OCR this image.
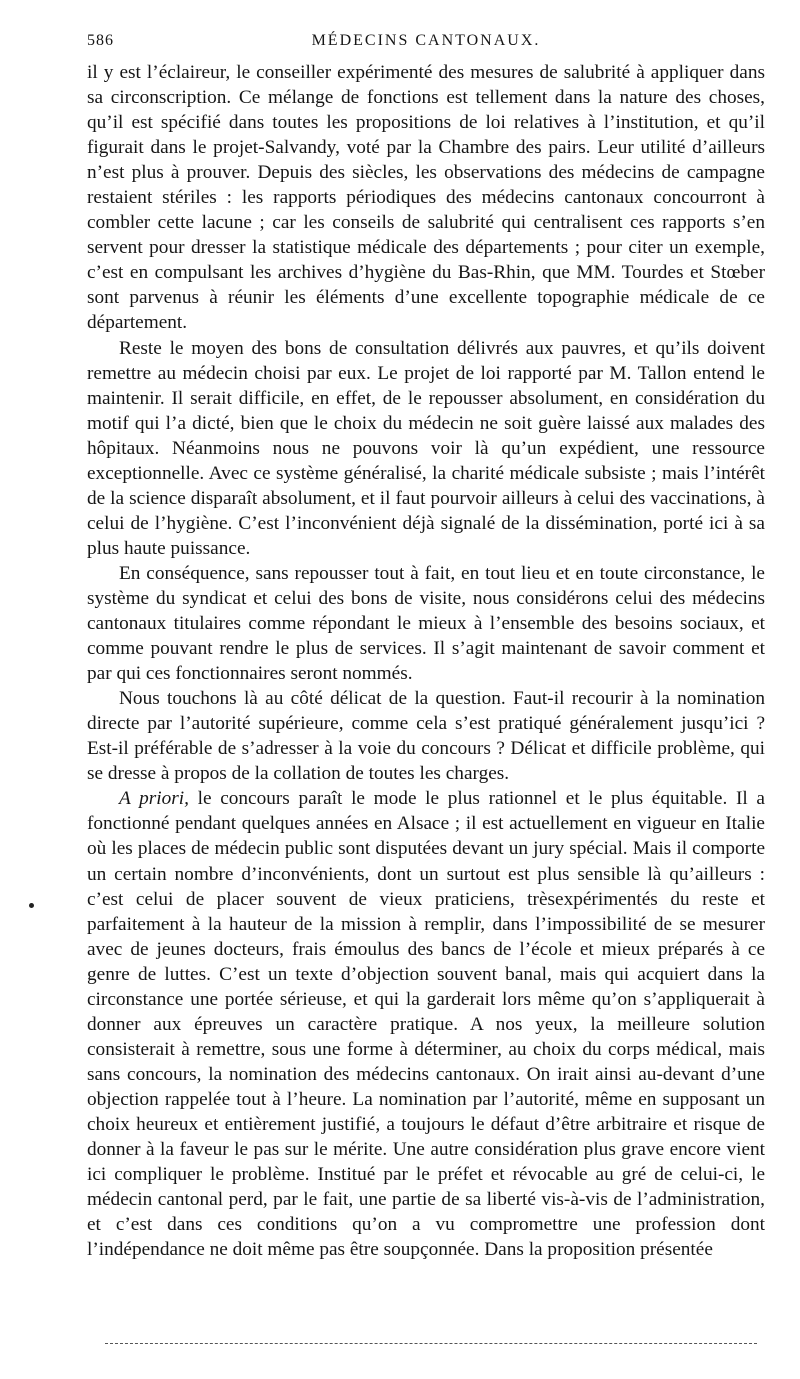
586	MÉDECINS CANTONAUX.

il y est l’éclaireur, le conseiller expérimenté des mesures de salubrité à appliquer dans sa circonscription. Ce mélange de fonctions est tellement dans la nature des choses, qu’il est spécifié dans toutes les propositions de loi relatives à l’institution, et qu’il figurait dans le projet-Salvandy, voté par la Chambre des pairs. Leur utilité d’ailleurs n’est plus à prouver. Depuis des siècles, les observations des médecins de campagne restaient stériles : les rapports périodiques des médecins cantonaux concourront à combler cette lacune ; car les conseils de salubrité qui centralisent ces rapports s’en servent pour dresser la statistique médicale des départements ; pour citer un exemple, c’est en compulsant les archives d’hygiène du Bas-Rhin, que MM. Tourdes et Stœber sont parvenus à réunir les éléments d’une excellente topographie médicale de ce département.

Reste le moyen des bons de consultation délivrés aux pauvres, et qu’ils doivent remettre au médecin choisi par eux. Le projet de loi rapporté par M. Tallon entend le maintenir. Il serait difficile, en effet, de le repousser absolument, en considération du motif qui l’a dicté, bien que le choix du médecin ne soit guère laissé aux malades des hôpitaux. Néanmoins nous ne pouvons voir là qu’un expédient, une ressource exceptionnelle. Avec ce système généralisé, la charité médicale subsiste ; mais l’intérêt de la science disparaît absolument, et il faut pourvoir ailleurs à celui des vaccinations, à celui de l’hygiène. C’est l’inconvénient déjà signalé de la dissémination, porté ici à sa plus haute puissance.

En conséquence, sans repousser tout à fait, en tout lieu et en toute circonstance, le système du syndicat et celui des bons de visite, nous considérons celui des médecins cantonaux titulaires comme répondant le mieux à l’ensemble des besoins sociaux, et comme pouvant rendre le plus de services. Il s’agit maintenant de savoir comment et par qui ces fonctionnaires seront nommés.

Nous touchons là au côté délicat de la question. Faut-il recourir à la nomination directe par l’autorité supérieure, comme cela s’est pratiqué généralement jusqu’ici ? Est-il préférable de s’adresser à la voie du concours ? Délicat et difficile problème, qui se dresse à propos de la collation de toutes les charges.

A priori, le concours paraît le mode le plus rationnel et le plus équitable. Il a fonctionné pendant quelques années en Alsace ; il est actuellement en vigueur en Italie où les places de médecin public sont disputées devant un jury spécial. Mais il comporte un certain nombre d’inconvénients, dont un surtout est plus sensible là qu’ailleurs : c’est celui de placer souvent de vieux praticiens, trèsexpérimentés du reste et parfaitement à la hauteur de la mission à remplir, dans l’impossibilité de se mesurer avec de jeunes docteurs, frais émoulus des bancs de l’école et mieux préparés à ce genre de luttes. C’est un texte d’objection souvent banal, mais qui acquiert dans la circonstance une portée sérieuse, et qui la garderait lors même qu’on s’appliquerait à donner aux épreuves un caractère pratique. A nos yeux, la meilleure solution consisterait à remettre, sous une forme à déterminer, au choix du corps médical, mais sans concours, la nomination des médecins cantonaux. On irait ainsi au-devant d’une objection rappelée tout à l’heure. La nomination par l’autorité, même en supposant un choix heureux et entièrement justifié, a toujours le défaut d’être arbitraire et risque de donner à la faveur le pas sur le mérite. Une autre considération plus grave encore vient ici compliquer le problème. Institué par le préfet et révocable au gré de celui-ci, le médecin cantonal perd, par le fait, une partie de sa liberté vis-à-vis de l’administration, et c’est dans ces conditions qu’on a vu compromettre une profession dont l’indépendance ne doit même pas être soupçonnée. Dans la proposition présentée
